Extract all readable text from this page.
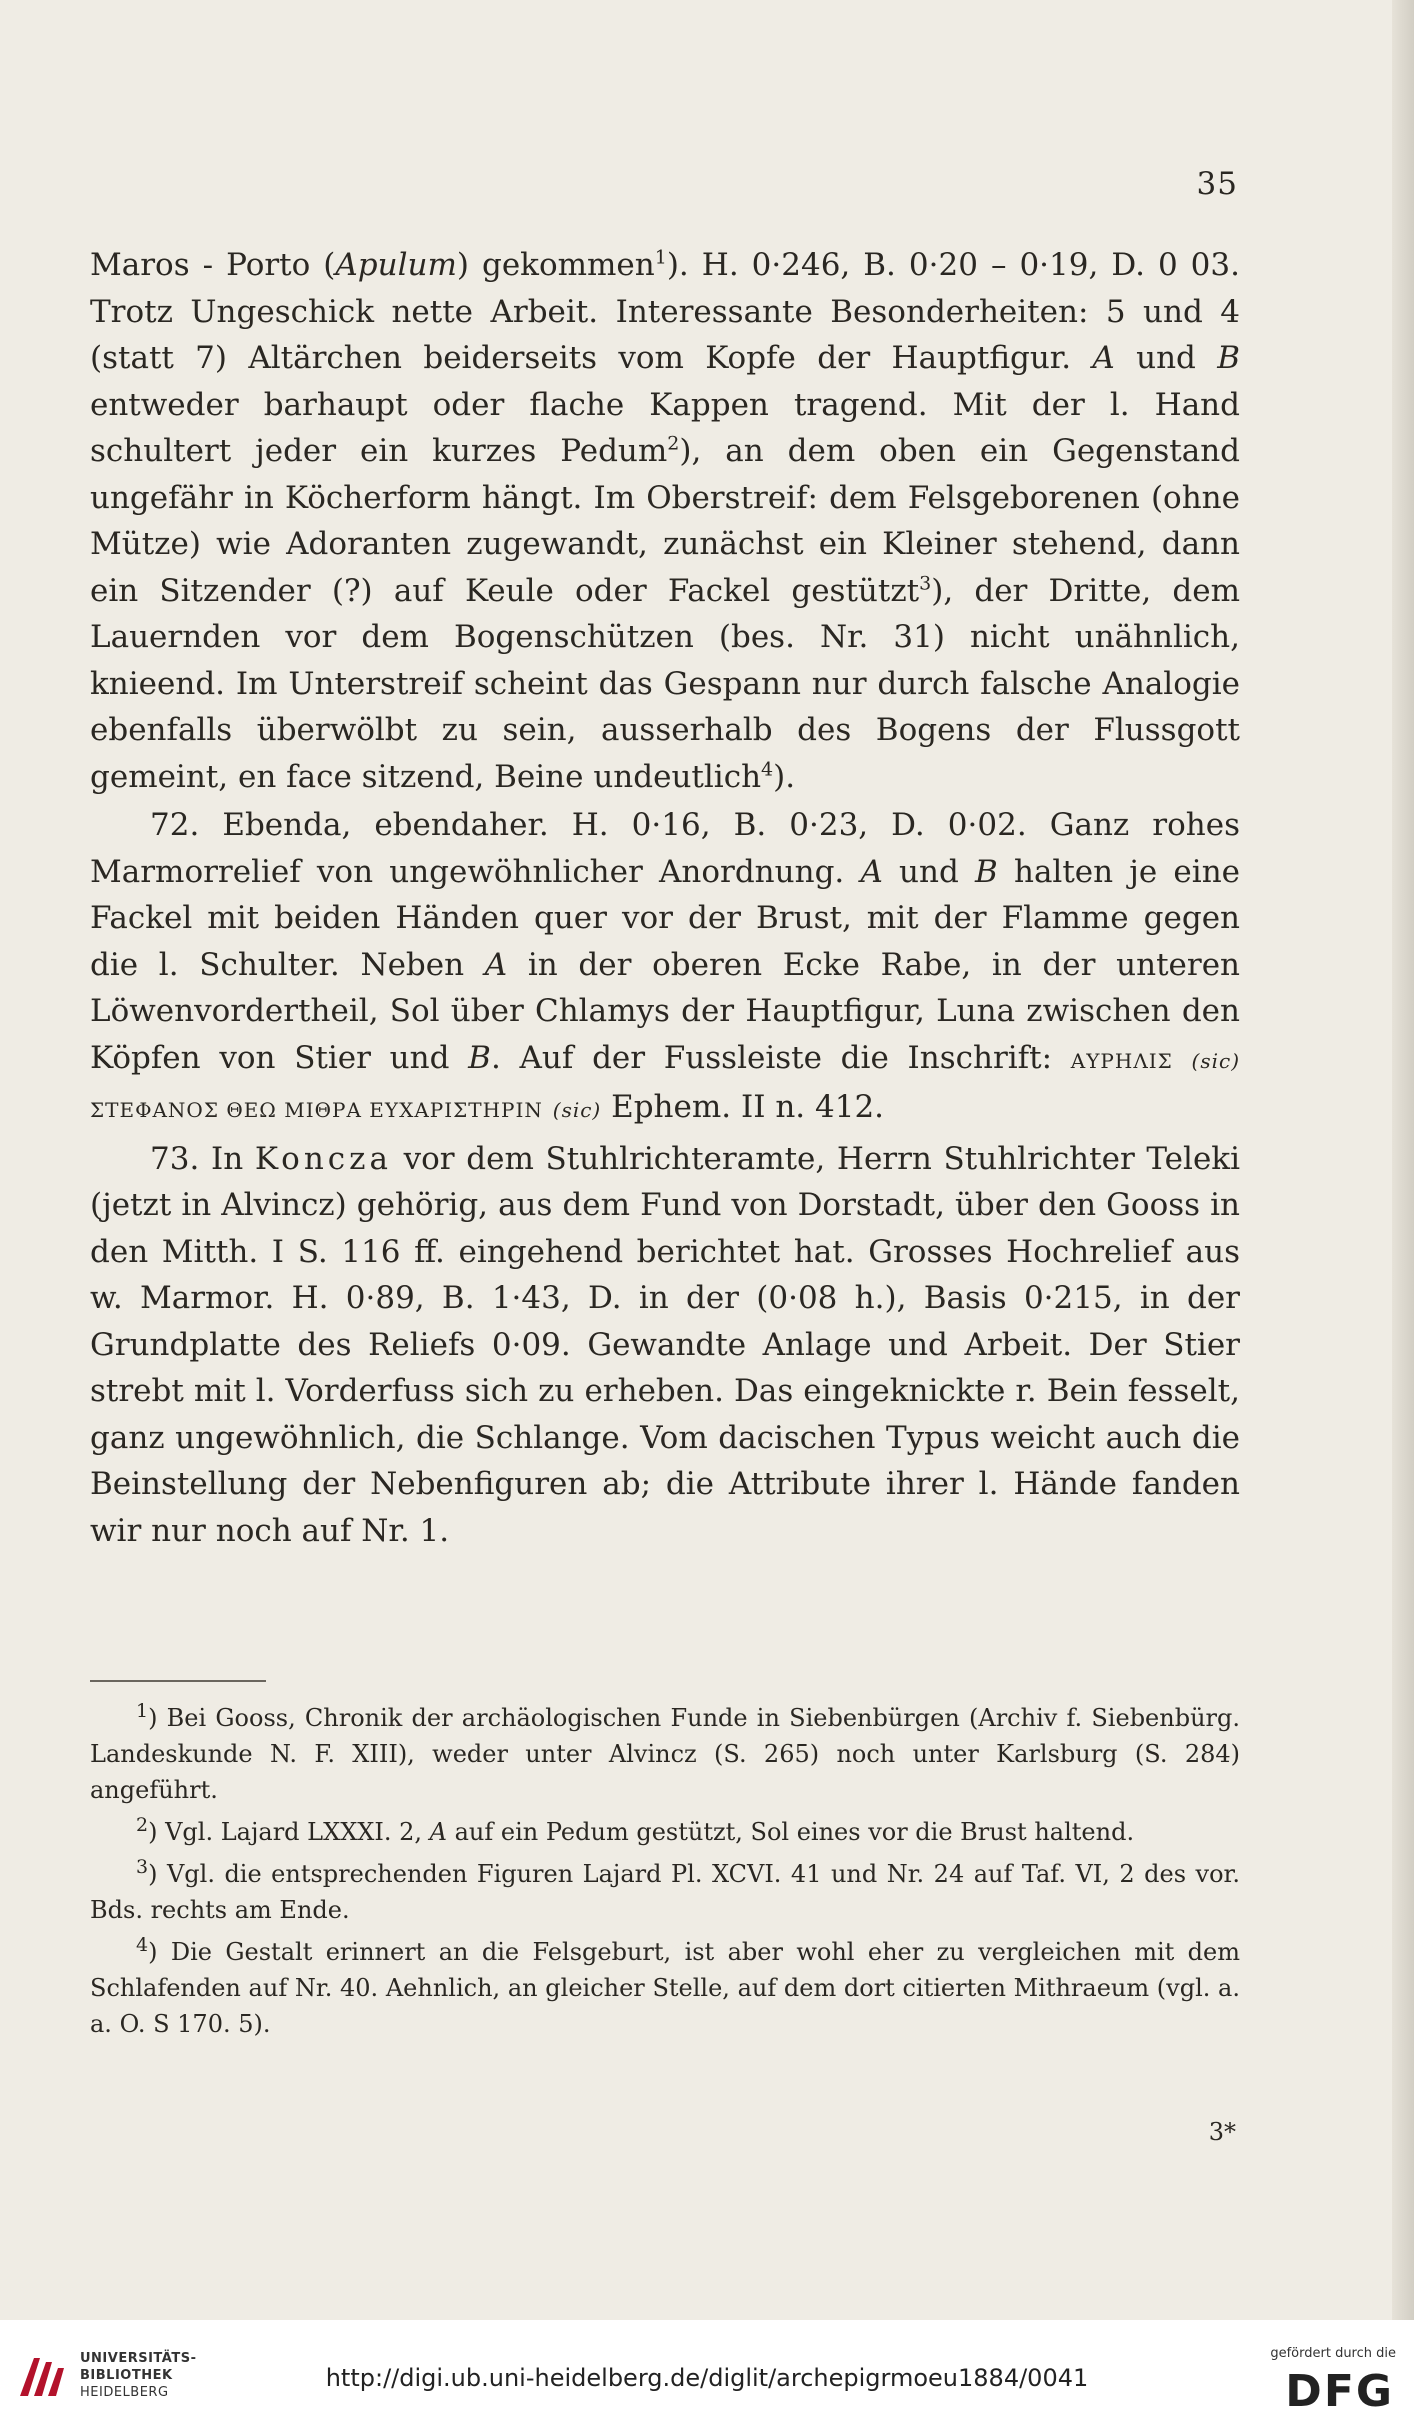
35

Maros - Porto (Apulum) gekommen$^1$). H. 0·246, B. 0·20 – 0·19, D. 0 03. Trotz Ungeschick nette Arbeit. Interessante Besonderheiten: 5 und 4 (statt 7) Altärchen beiderseits vom Kopfe der Hauptfigur. A und B entweder barhaupt oder flache Kappen tragend. Mit der l. Hand schultert jeder ein kurzes Pedum$^2$), an dem oben ein Gegenstand ungefähr in Köcherform hängt. Im Oberstreif: dem Felsgeborenen (ohne Mütze) wie Adoranten zugewandt, zunächst ein Kleiner stehend, dann ein Sitzender (?) auf Keule oder Fackel gestützt$^3$), der Dritte, dem Lauernden vor dem Bogenschützen (bes. Nr. 31) nicht unähnlich, knieend. Im Unterstreif scheint das Gespann nur durch falsche Analogie ebenfalls überwölbt zu sein, ausserhalb des Bogens der Flussgott gemeint, en face sitzend, Beine undeutlich$^4$).

72. Ebenda, ebendaher. H. 0·16, B. 0·23, D. 0·02. Ganz rohes Marmorrelief von ungewöhnlicher Anordnung. A und B halten je eine Fackel mit beiden Händen quer vor der Brust, mit der Flamme gegen die l. Schulter. Neben A in der oberen Ecke Rabe, in der unteren Löwenvordertheil, Sol über Chlamys der Hauptfigur, Luna zwischen den Köpfen von Stier und B. Auf der Fussleiste die Inschrift: ΑΥΡΗΛΙΣ (sic) ΣΤΕΦΑΝΟΣ ΘΕΩ ΜΙΘΡΑ ΕΥΧΑΡΙΣΤΗΡΙΝ (sic) Ephem. II n. 412.

73. In Koncza vor dem Stuhlrichteramte, Herrn Stuhlrichter Teleki (jetzt in Alvincz) gehörig, aus dem Fund von Dorstadt, über den Gooss in den Mitth. I S. 116 ff. eingehend berichtet hat. Grosses Hochrelief aus w. Marmor. H. 0·89, B. 1·43, D. in der (0·08 h.), Basis 0·215, in der Grundplatte des Reliefs 0·09. Gewandte Anlage und Arbeit. Der Stier strebt mit l. Vorderfuss sich zu erheben. Das eingeknickte r. Bein fesselt, ganz ungewöhnlich, die Schlange. Vom dacischen Typus weicht auch die Beinstellung der Nebenfiguren ab; die Attribute ihrer l. Hände fanden wir nur noch auf Nr. 1.

$^1$) Bei Gooss, Chronik der archäologischen Funde in Siebenbürgen (Archiv f. Siebenbürg. Landeskunde N. F. XIII), weder unter Alvincz (S. 265) noch unter Karlsburg (S. 284) angeführt.

$^2$) Vgl. Lajard LXXXI. 2, A auf ein Pedum gestützt, Sol eines vor die Brust haltend.

$^3$) Vgl. die entsprechenden Figuren Lajard Pl. XCVI. 41 und Nr. 24 auf Taf. VI, 2 des vor. Bds. rechts am Ende.

$^4$) Die Gestalt erinnert an die Felsgeburt, ist aber wohl eher zu vergleichen mit dem Schlafenden auf Nr. 40. Aehnlich, an gleicher Stelle, auf dem dort citierten Mithraeum (vgl. a. a. O. S 170. 5).

3*
UNIVERSITÄTS-
BIBLIOTHEK
HEIDELBERG
http://digi.ub.uni-heidelberg.de/diglit/archepigrmoeu1884/0041
gefördert durch die
DFG
